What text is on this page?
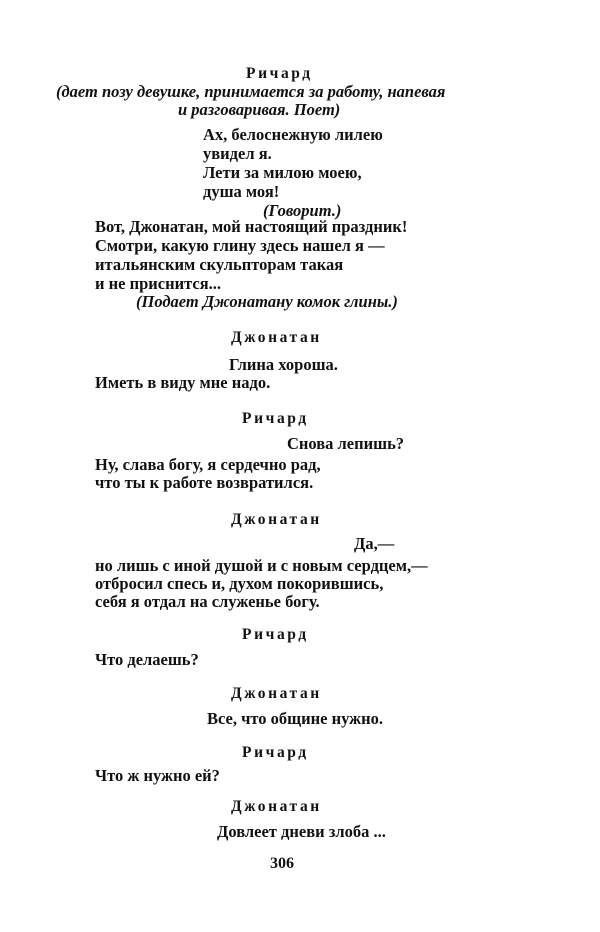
Ричард
(дает позу девушке, принимается за работу, напевая
и разговаривая. Поет)
Ах, белоснежную лилею
увидел я.
Лети за милою моею,
душа моя!
(Говорит.)
Вот, Джонатан, мой настоящий праздник!
Смотри, какую глину здесь нашел я —
итальянским скульпторам такая
и не приснится...
(Подает Джонатану комок глины.)
Джонатан
Глина хороша.
Иметь в виду мне надо.
Ричард
Снова лепишь?
Ну, слава богу, я сердечно рад,
что ты к работе возвратился.
Джонатан
Да,—
но лишь с иной душой и с новым сердцем,—
отбросил спесь и, духом покорившись,
себя я отдал на служенье богу.
Ричард
Что делаешь?
Джонатан
Все, что общине нужно.
Ричард
Что ж нужно ей?
Джонатан
Довлеет дневи злоба ...
306
